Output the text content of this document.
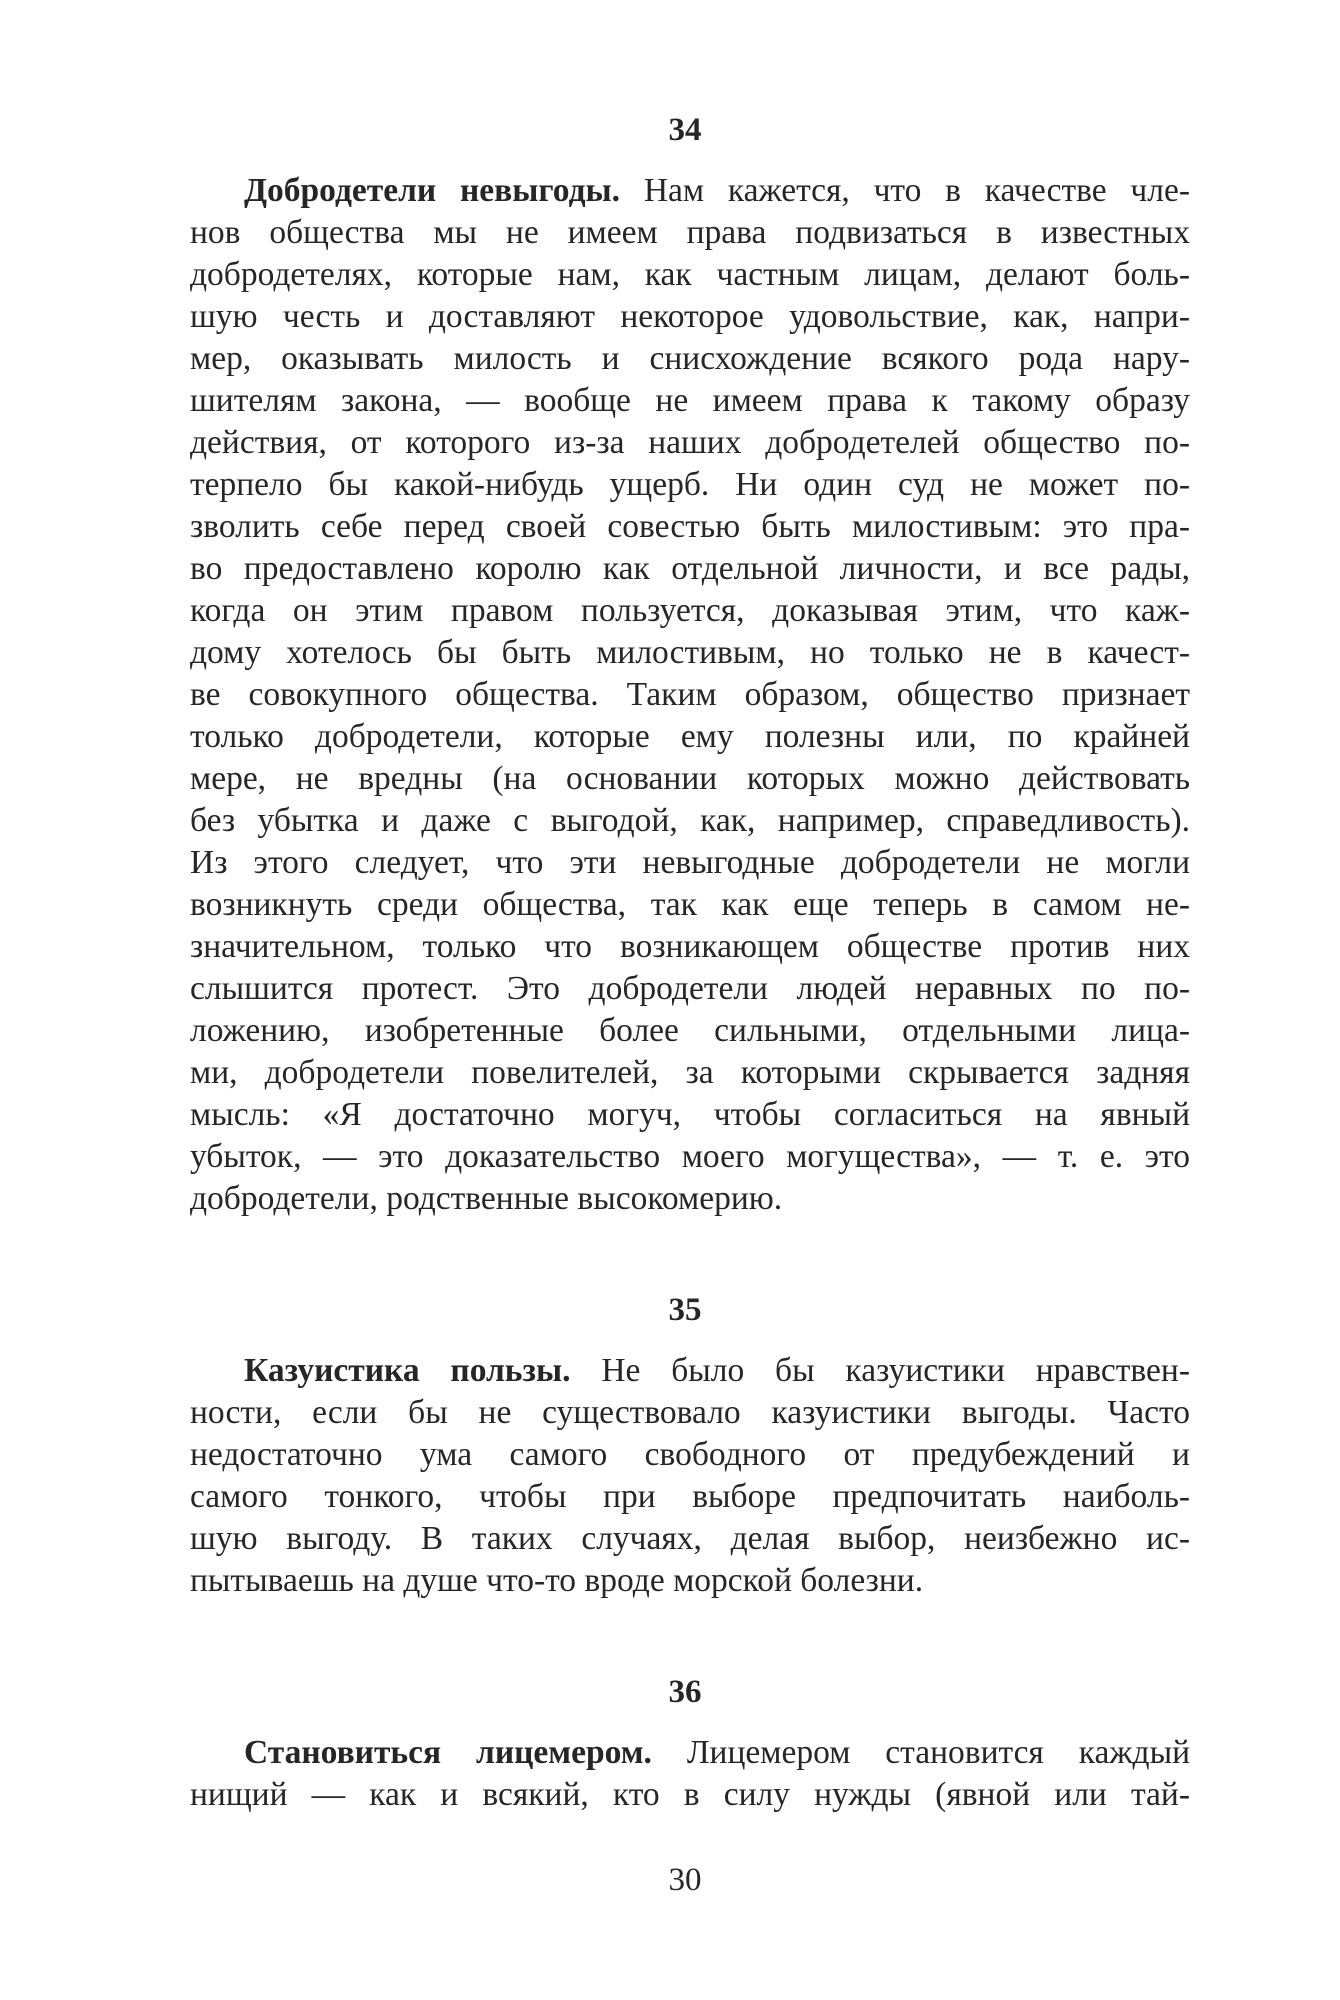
34
Добродетели невыгоды. Нам кажется, что в качестве чле-
нов общества мы не имеем права подвизаться в известных
добродетелях, которые нам, как частным лицам, делают боль-
шую честь и доставляют некоторое удовольствие, как, напри-
мер, оказывать милость и снисхождение всякого рода нару-
шителям закона, — вообще не имеем права к такому образу
действия, от которого из-за наших добродетелей общество по-
терпело бы какой-нибудь ущерб. Ни один суд не может по-
зволить себе перед своей совестью быть милостивым: это пра-
во предоставлено королю как отдельной личности, и все рады,
когда он этим правом пользуется, доказывая этим, что каж-
дому хотелось бы быть милостивым, но только не в качест-
ве совокупного общества. Таким образом, общество признает
только добродетели, которые ему полезны или, по крайней
мере, не вредны (на основании которых можно действовать
без убытка и даже с выгодой, как, например, справедливость).
Из этого следует, что эти невыгодные добродетели не могли
возникнуть среди общества, так как еще теперь в самом не-
значительном, только что возникающем обществе против них
слышится протест. Это добродетели людей неравных по по-
ложению, изобретенные более сильными, отдельными лица-
ми, добродетели повелителей, за которыми скрывается задняя
мысль: «Я достаточно могуч, чтобы согласиться на явный
убыток, — это доказательство моего могущества», — т. е. это
добродетели, родственные высокомерию.
35
Казуистика пользы. Не было бы казуистики нравствен-
ности, если бы не существовало казуистики выгоды. Часто
недостаточно ума самого свободного от предубеждений и
самого тонкого, чтобы при выборе предпочитать наиболь-
шую выгоду. В таких случаях, делая выбор, неизбежно ис-
пытываешь на душе что-то вроде морской болезни.
36
Становиться лицемером. Лицемером становится каждый
нищий — как и всякий, кто в силу нужды (явной или тай-
30
